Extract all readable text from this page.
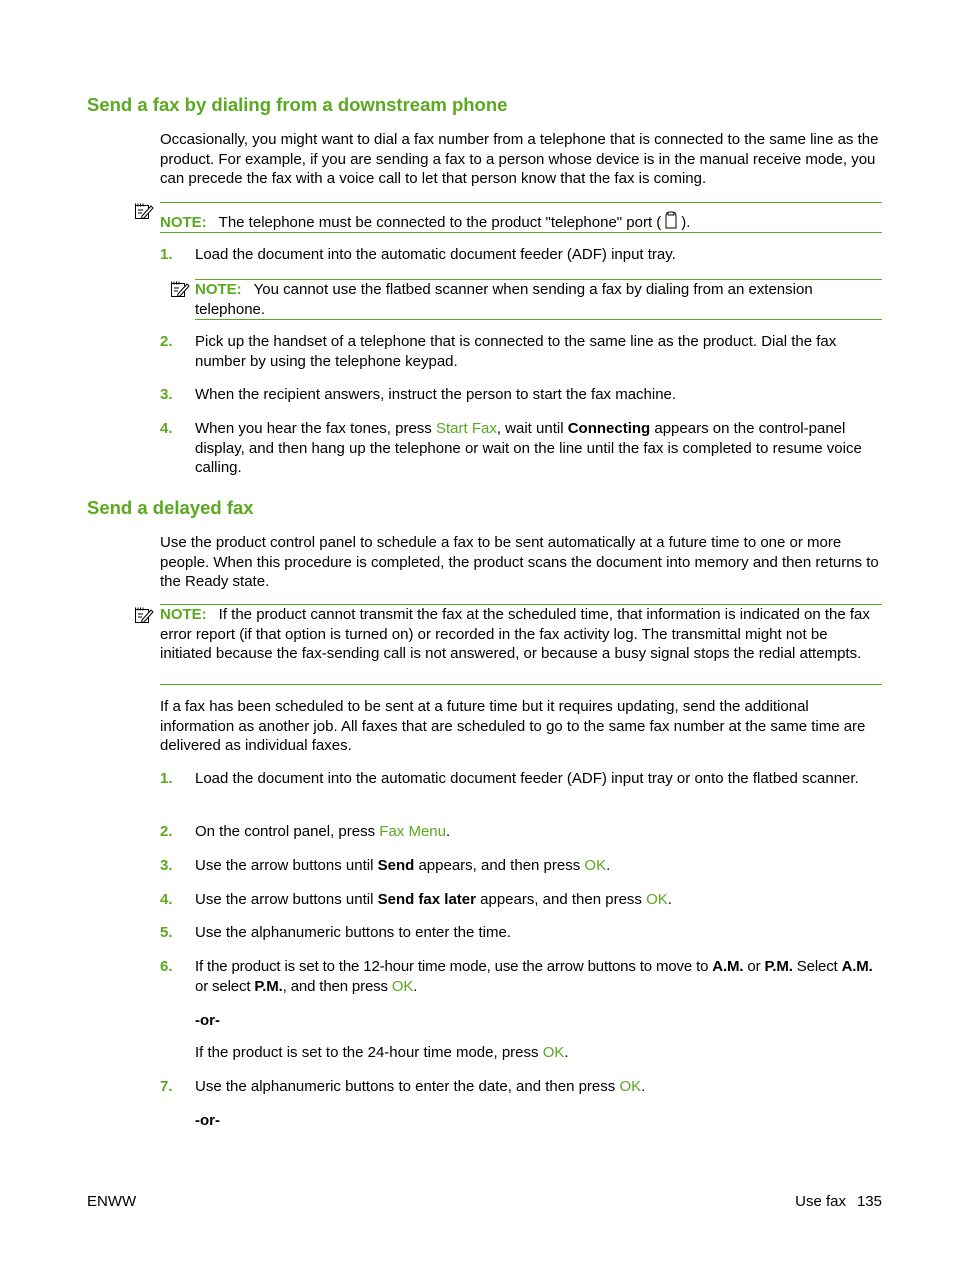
Send a fax by dialing from a downstream phone

Occasionally, you might want to dial a fax number from a telephone that is connected to the same line as the product. For example, if you are sending a fax to a person whose device is in the manual receive mode, you can precede the fax with a voice call to let that person know that the fax is coming.

NOTE: The telephone must be connected to the product "telephone" port ( ).
1. Load the document into the automatic document feeder (ADF) input tray.
NOTE: You cannot use the flatbed scanner when sending a fax by dialing from an extension telephone.
2. Pick up the handset of a telephone that is connected to the same line as the product. Dial the fax number by using the telephone keypad.
3. When the recipient answers, instruct the person to start the fax machine.
4. When you hear the fax tones, press Start Fax, wait until Connecting appears on the control-panel display, and then hang up the telephone or wait on the line until the fax is completed to resume voice calling.
Send a delayed fax

Use the product control panel to schedule a fax to be sent automatically at a future time to one or more people. When this procedure is completed, the product scans the document into memory and then returns to the Ready state.

NOTE: If the product cannot transmit the fax at the scheduled time, that information is indicated on the fax error report (if that option is turned on) or recorded in the fax activity log. The transmittal might not be initiated because the fax-sending call is not answered, or because a busy signal stops the redial attempts.

If a fax has been scheduled to be sent at a future time but it requires updating, send the additional information as another job. All faxes that are scheduled to go to the same fax number at the same time are delivered as individual faxes.

1. Load the document into the automatic document feeder (ADF) input tray or onto the flatbed scanner.
2. On the control panel, press Fax Menu.
3. Use the arrow buttons until Send appears, and then press OK.
4. Use the arrow buttons until Send fax later appears, and then press OK.
5. Use the alphanumeric buttons to enter the time.
6. If the product is set to the 12-hour time mode, use the arrow buttons to move to A.M. or P.M. Select A.M. or select P.M., and then press OK.
-or-
If the product is set to the 24-hour time mode, press OK.
7. Use the alphanumeric buttons to enter the date, and then press OK.
-or-
ENWW	Use fax 135
